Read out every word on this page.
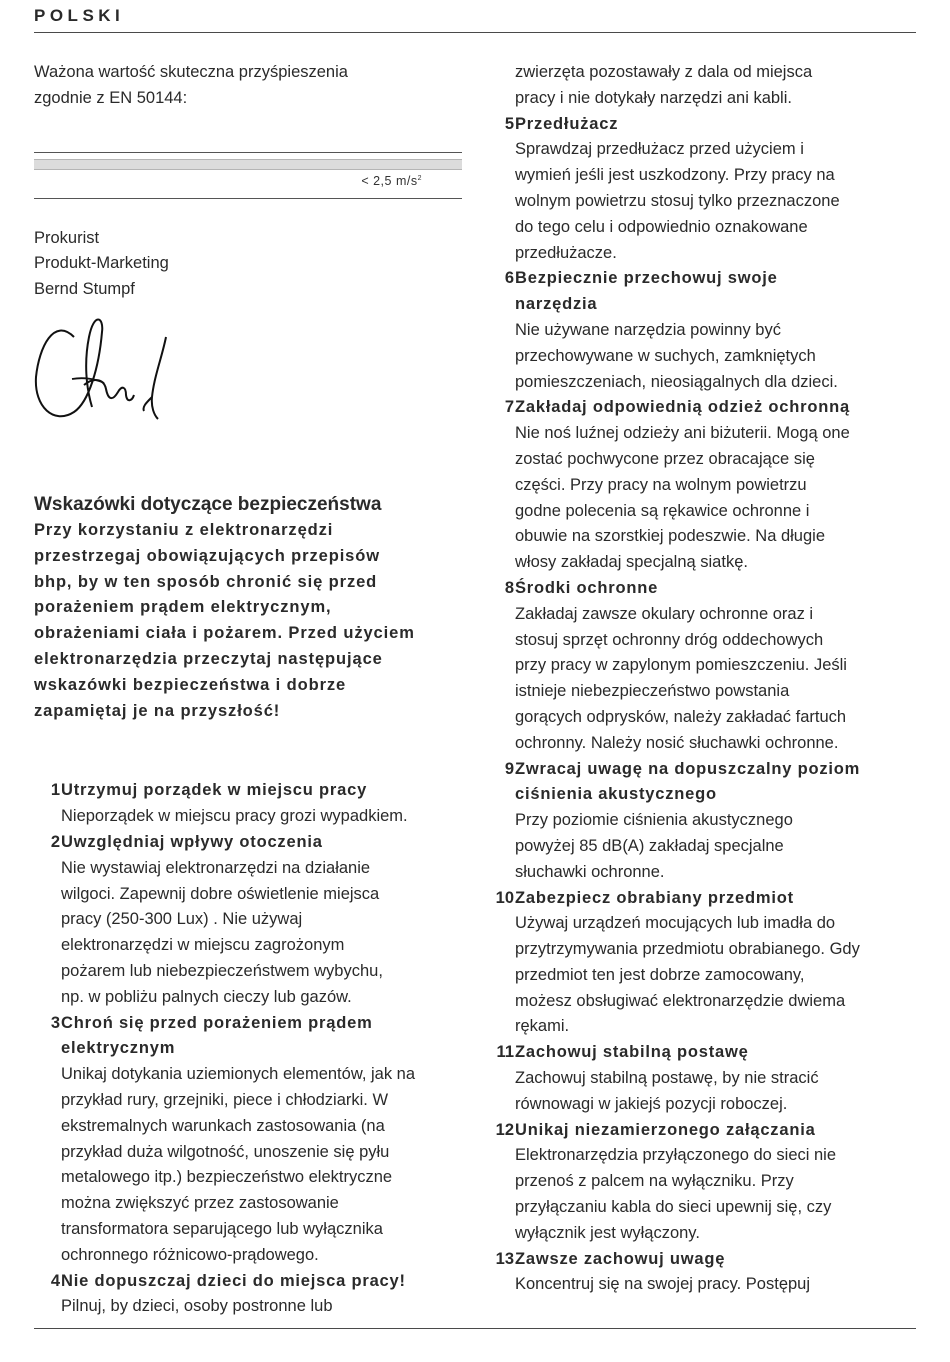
POLSKI
Ważona wartość skuteczna przyśpieszenia
zgodnie z EN 50144:
< 2,5 $m/s^2$
Prokurist
Produkt-Marketing
Bernd Stumpf
Wskazówki dotyczące bezpieczeństwa
Przy korzystaniu z elektronarzędzi
przestrzegaj obowiązujących przepisów
bhp, by w ten sposób chronić się przed
porażeniem prądem elektrycznym,
obrażeniami ciała i pożarem. Przed użyciem
elektronarzędzia przeczytaj następujące
wskazówki bezpieczeństwa i dobrze
zapamiętaj je na przyszłość!
1 Utrzymuj porządek w miejscu pracy
Nieporządek w miejscu pracy grozi wypadkiem.
2 Uwzględniaj wpływy otoczenia
Nie wystawiaj elektronarzędzi na działanie
wilgoci. Zapewnij dobre oświetlenie miejsca
pracy (250-300 Lux) . Nie używaj
elektronarzędzi w miejscu zagrożonym
pożarem lub niebezpieczeństwem wybychu,
np. w pobliżu palnych cieczy lub gazów.
3 Chroń się przed porażeniem prądem
elektrycznym
Unikaj dotykania uziemionych elementów, jak na
przykład rury, grzejniki, piece i chłodziarki. W
ekstremalnych warunkach zastosowania (na
przykład duża wilgotność, unoszenie się pyłu
metalowego itp.) bezpieczeństwo elektryczne
można zwiększyć przez zastosowanie
transformatora separującego lub wyłącznika
ochronnego różnicowo-prądowego.
4 Nie dopuszczaj dzieci do miejsca pracy!
Pilnuj, by dzieci, osoby postronne lub
zwierzęta pozostawały z dala od miejsca
pracy i nie dotykały narzędzi ani kabli.
5 Przedłużacz
Sprawdzaj przedłużacz przed użyciem i
wymień jeśli jest uszkodzony. Przy pracy na
wolnym powietrzu stosuj tylko przeznaczone
do tego celu i odpowiednio oznakowane
przedłużacze.
6 Bezpiecznie przechowuj swoje
narzędzia
Nie używane narzędzia powinny być
przechowywane w suchych, zamkniętych
pomieszczeniach, nieosiągalnych dla dzieci.
7 Zakładaj odpowiednią odzież ochronną
Nie noś luźnej odzieży ani biżuterii. Mogą one
zostać pochwycone przez obracające się
części. Przy pracy na wolnym powietrzu
godne polecenia są rękawice ochronne i
obuwie na szorstkiej podeszwie. Na długie
włosy zakładaj specjalną siatkę.
8 Środki ochronne
Zakładaj zawsze okulary ochronne oraz i
stosuj sprzęt ochronny dróg oddechowych
przy pracy w zapylonym pomieszczeniu. Jeśli
istnieje niebezpieczeństwo powstania
gorących odprysków, należy zakładać fartuch
ochronny. Należy nosić słuchawki ochronne.
9 Zwracaj uwagę na dopuszczalny poziom
ciśnienia akustycznego
Przy poziomie ciśnienia akustycznego
powyżej 85 dB(A) zakładaj specjalne
słuchawki ochronne.
10 Zabezpiecz obrabiany przedmiot
Używaj urządzeń mocujących lub imadła do
przytrzymywania przedmiotu obrabianego. Gdy
przedmiot ten jest dobrze zamocowany,
możesz obsługiwać elektronarzędzie dwiema
rękami.
11 Zachowuj stabilną postawę
Zachowuj stabilną postawę, by nie stracić
równowagi w jakiejś pozycji roboczej.
12 Unikaj niezamierzonego załączania
Elektronarzędzia przyłączonego do sieci nie
przenoś z palcem na wyłączniku. Przy
przyłączaniu kabla do sieci upewnij się, czy
wyłącznik jest wyłączony.
13 Zawsze zachowuj uwagę
Koncentruj się na swojej pracy. Postępuj
